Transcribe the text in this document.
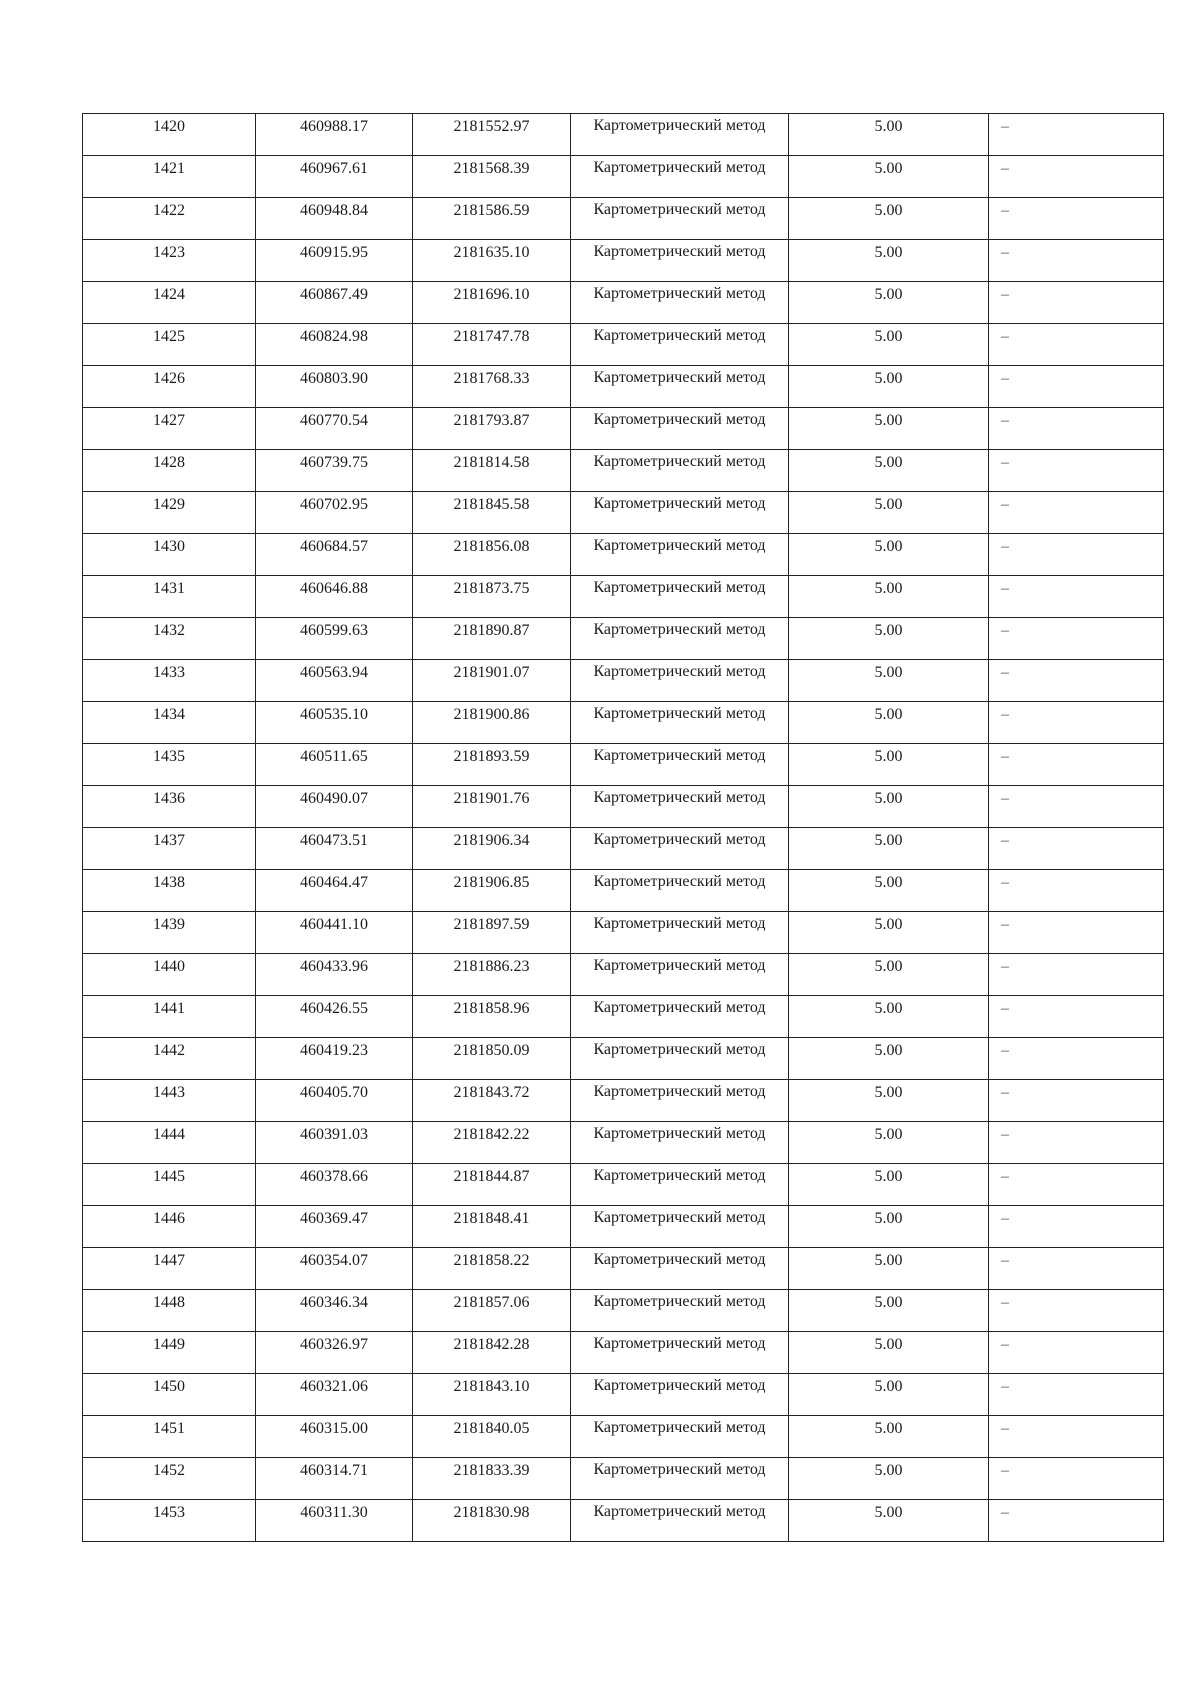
1420	460988.17	2181552.97	Картометрический метод	5.00	–

1421	460967.61	2181568.39	Картометрический метод	5.00	–

1422	460948.84	2181586.59	Картометрический метод	5.00	–

1423	460915.95	2181635.10	Картометрический метод	5.00	–

1424	460867.49	2181696.10	Картометрический метод	5.00	–

1425	460824.98	2181747.78	Картометрический метод	5.00	–

1426	460803.90	2181768.33	Картометрический метод	5.00	–

1427	460770.54	2181793.87	Картометрический метод	5.00	–

1428	460739.75	2181814.58	Картометрический метод	5.00	–

1429	460702.95	2181845.58	Картометрический метод	5.00	–

1430	460684.57	2181856.08	Картометрический метод	5.00	–

1431	460646.88	2181873.75	Картометрический метод	5.00	–

1432	460599.63	2181890.87	Картометрический метод	5.00	–

1433	460563.94	2181901.07	Картометрический метод	5.00	–

1434	460535.10	2181900.86	Картометрический метод	5.00	–

1435	460511.65	2181893.59	Картометрический метод	5.00	–

1436	460490.07	2181901.76	Картометрический метод	5.00	–

1437	460473.51	2181906.34	Картометрический метод	5.00	–

1438	460464.47	2181906.85	Картометрический метод	5.00	–

1439	460441.10	2181897.59	Картометрический метод	5.00	–

1440	460433.96	2181886.23	Картометрический метод	5.00	–

1441	460426.55	2181858.96	Картометрический метод	5.00	–

1442	460419.23	2181850.09	Картометрический метод	5.00	–

1443	460405.70	2181843.72	Картометрический метод	5.00	–

1444	460391.03	2181842.22	Картометрический метод	5.00	–

1445	460378.66	2181844.87	Картометрический метод	5.00	–

1446	460369.47	2181848.41	Картометрический метод	5.00	–

1447	460354.07	2181858.22	Картометрический метод	5.00	–

1448	460346.34	2181857.06	Картометрический метод	5.00	–

1449	460326.97	2181842.28	Картометрический метод	5.00	–

1450	460321.06	2181843.10	Картометрический метод	5.00	–

1451	460315.00	2181840.05	Картометрический метод	5.00	–

1452	460314.71	2181833.39	Картометрический метод	5.00	–

1453	460311.30	2181830.98	Картометрический метод	5.00	–
